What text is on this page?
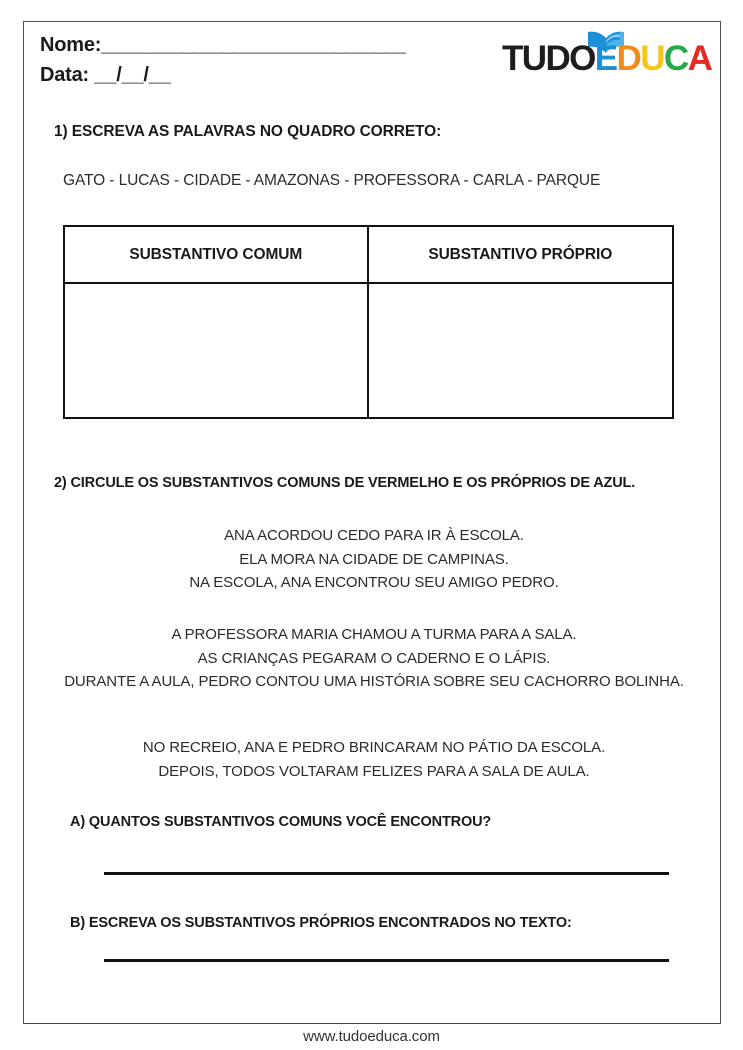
Nome:______________________________
Data: __/__/__	TUDOEDUCA
1) ESCREVA AS PALAVRAS NO QUADRO CORRETO:
GATO - LUCAS - CIDADE - AMAZONAS - PROFESSORA - CARLA - PARQUE
SUBSTANTIVO COMUM	SUBSTANTIVO PRÓPRIO
2) CIRCULE OS SUBSTANTIVOS COMUNS DE VERMELHO E OS PRÓPRIOS DE AZUL.
ANA ACORDOU CEDO PARA IR À ESCOLA.
ELA MORA NA CIDADE DE CAMPINAS.
NA ESCOLA, ANA ENCONTROU SEU AMIGO PEDRO.
A PROFESSORA MARIA CHAMOU A TURMA PARA A SALA.
AS CRIANÇAS PEGARAM O CADERNO E O LÁPIS.
DURANTE A AULA, PEDRO CONTOU UMA HISTÓRIA SOBRE SEU CACHORRO BOLINHA.
NO RECREIO, ANA E PEDRO BRINCARAM NO PÁTIO DA ESCOLA.
DEPOIS, TODOS VOLTARAM FELIZES PARA A SALA DE AULA.
A) QUANTOS SUBSTANTIVOS COMUNS VOCÊ ENCONTROU?
B) ESCREVA OS SUBSTANTIVOS PRÓPRIOS ENCONTRADOS NO TEXTO:
www.tudoeduca.com
